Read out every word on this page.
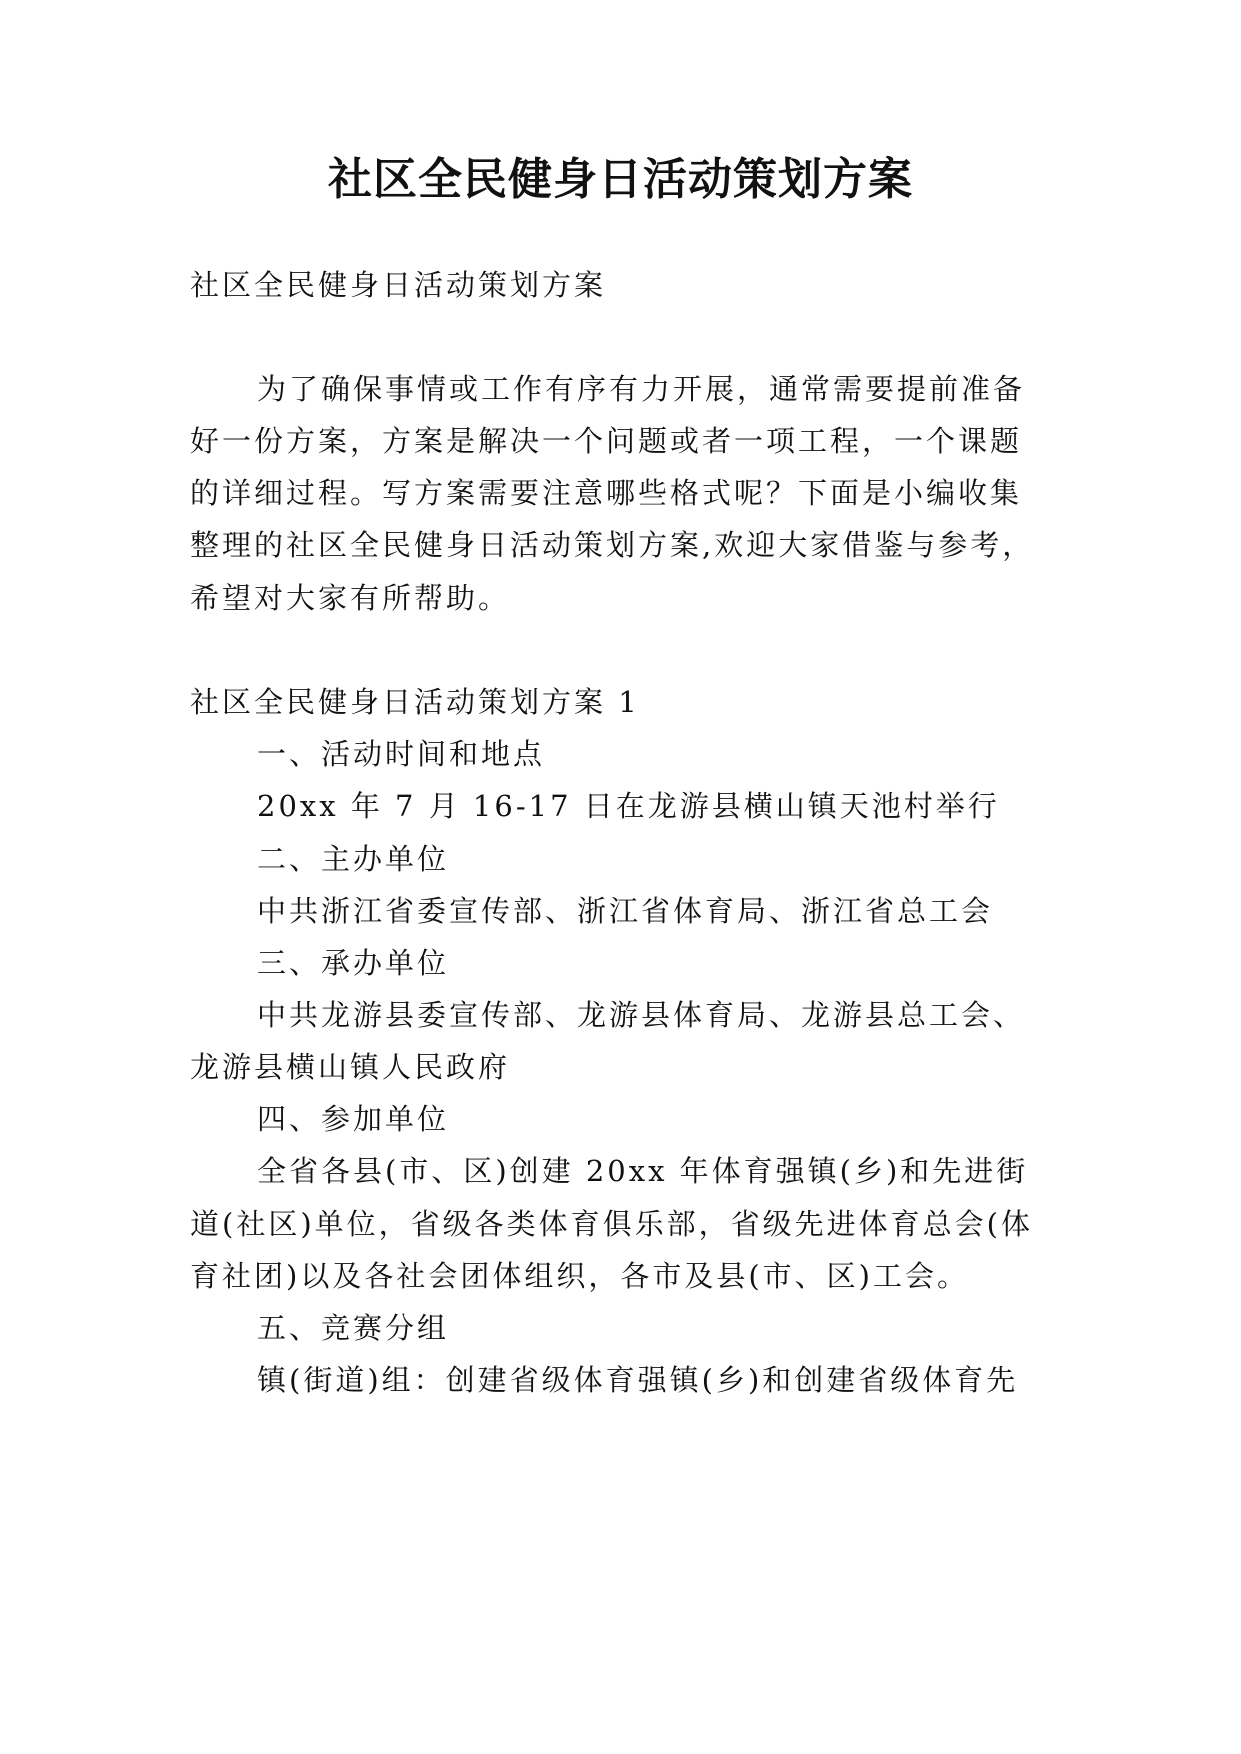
社区全民健身日活动策划方案
社区全民健身日活动策划方案
为了确保事情或工作有序有力开展，通常需要提前准备
好一份方案，方案是解决一个问题或者一项工程，一个课题
的详细过程。写方案需要注意哪些格式呢？下面是小编收集
整理的社区全民健身日活动策划方案,欢迎大家借鉴与参考，
希望对大家有所帮助。
社区全民健身日活动策划方案 1
一、活动时间和地点
20xx 年 7 月 16-17 日在龙游县横山镇天池村举行
二、主办单位
中共浙江省委宣传部、浙江省体育局、浙江省总工会
三、承办单位
中共龙游县委宣传部、龙游县体育局、龙游县总工会、
龙游县横山镇人民政府
四、参加单位
全省各县(市、区)创建 20xx 年体育强镇(乡)和先进街
道(社区)单位，省级各类体育俱乐部，省级先进体育总会(体
育社团)以及各社会团体组织，各市及县(市、区)工会。
五、竞赛分组
镇(街道)组：创建省级体育强镇(乡)和创建省级体育先
